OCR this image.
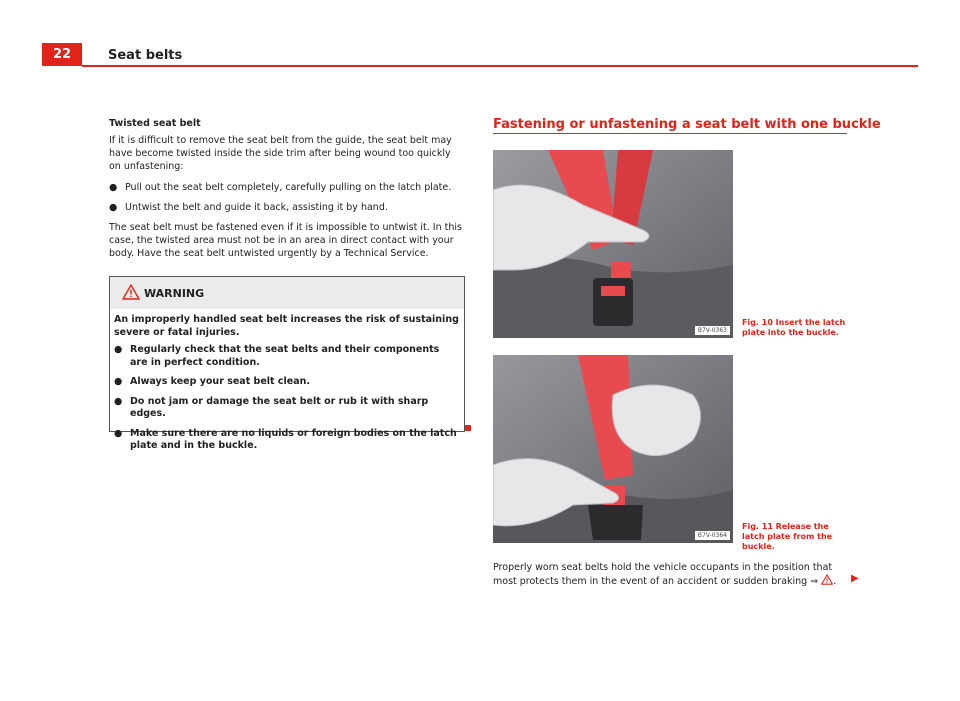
22	Seat belts

Twisted seat belt

If it is difficult to remove the seat belt from the guide, the seat belt may have become twisted inside the side trim after being wound too quickly on unfastening:

● Pull out the seat belt completely, carefully pulling on the latch plate.
● Untwist the belt and guide it back, assisting it by hand.

The seat belt must be fastened even if it is impossible to untwist it. In this case, the twisted area must not be in an area in direct contact with your body. Have the seat belt untwisted urgently by a Technical Service.

WARNING

An improperly handled seat belt increases the risk of sustaining severe or fatal injuries.

● Regularly check that the seat belts and their components are in perfect condition.
● Always keep your seat belt clean.
● Do not jam or damage the seat belt or rub it with sharp edges.
● Make sure there are no liquids or foreign bodies on the latch plate and in the buckle.
Fastening or unfastening a seat belt with one buckle
B7V-0363
Fig. 10 Insert the latch plate into the buckle.
B7V-0364
Fig. 11 Release the latch plate from the buckle.
Properly worn seat belts hold the vehicle occupants in the position that most protects them in the event of an accident or sudden braking ⇒ .	▶
